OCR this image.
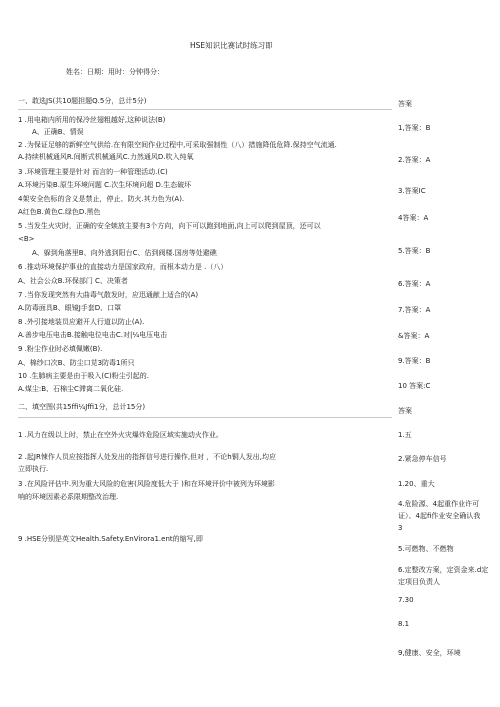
HSE知识比赛试时练习即
姓名：日期：用时：分钟得分：
一、敢选JS(共10题担题Q.5分，总计5分)
1 .用电箱内所用的保冷丝翅粗越好,这种说法(B)
A、正确B、情误
2 .为保证足够的新鲜空气供给.在有限空间作业过程中,可采取强制性（八）措施降低危降.保持空气流通.
A.持续机械通风R.间断式机械通风C.力然通风D.吹入纯氧
3 .环境管理主要是针对 而言的一种管理活动.(C)
A.环境污染B.原生环境问题 C.次生环境问超 D.生态破坏
4架安全色标的含义是禁止，停止、防火.其力色为(A).
A红色B.黄色C.绿色D.黑色
5 .当发生火灾时，正确的安全嫉放主要有3个方向，向下可以跑到地面,向上可以爬到屋顶，还可以
<B>
A、躲到角落里B、向外逃到阳台C、估到阀楼.国房等处避礁
6 .推动环境保护事业的直接动力是国家政府，而根本动力是 .（八）
A、社会公众B.环保部门 C、决策者
7 .当你发现突然有大曲毒气散发时，应迅通献上适合的(A)
A.防毒面具B、眼镜J手套D、口罩
8 .外引接地装员应避开人行道以防止(A).
A.善步电压电击B.接触电位电击C.对|¼电压电击
9 .粉尘作业时必填佩嫩(B).
A、棉纱口次B、防尘口苋3防毒1所只
10 .生肺病主要是由于吸入(C)粉尘引起的.
A.煤尘:B、石棉尘C滞离二氧化硅.
二、填空图(共15ffi¼Jffi1分，总计15分)
1 .风力在级以上时，禁止在空外火灾爆炸危险区域实施动火作业。
2 .起JR悚作人员应按指挥人处发出的指挥信号进行操作,但对 ，不论h铜人发出,均应
立即执行.
3 .在风险评估中.列为重大风险的危害(风险度低大于 )和在环境评价中被列为环境影
响的环境因素必系限期整改治理.
9 .HSE分别是英文Health.Safety.EnVirora1.ent的缩写,即
答案
1,答案：B
2.答案：A
3.答案IC
4答案：A
5.答案：B
6.答案：A
7.答案：A
&答案：A
9.答案：B
10 答案:C
答案
1.五
2.紧急停车信号
1.20、重大
4.危险源、4起重作业许可
证）、4起fi作业安全确认我
3
5.可燃物、不燃物
6.定整改方案，定资金来.d定
定项目负责人
7.30
8.1
9,健康、安全，环境
